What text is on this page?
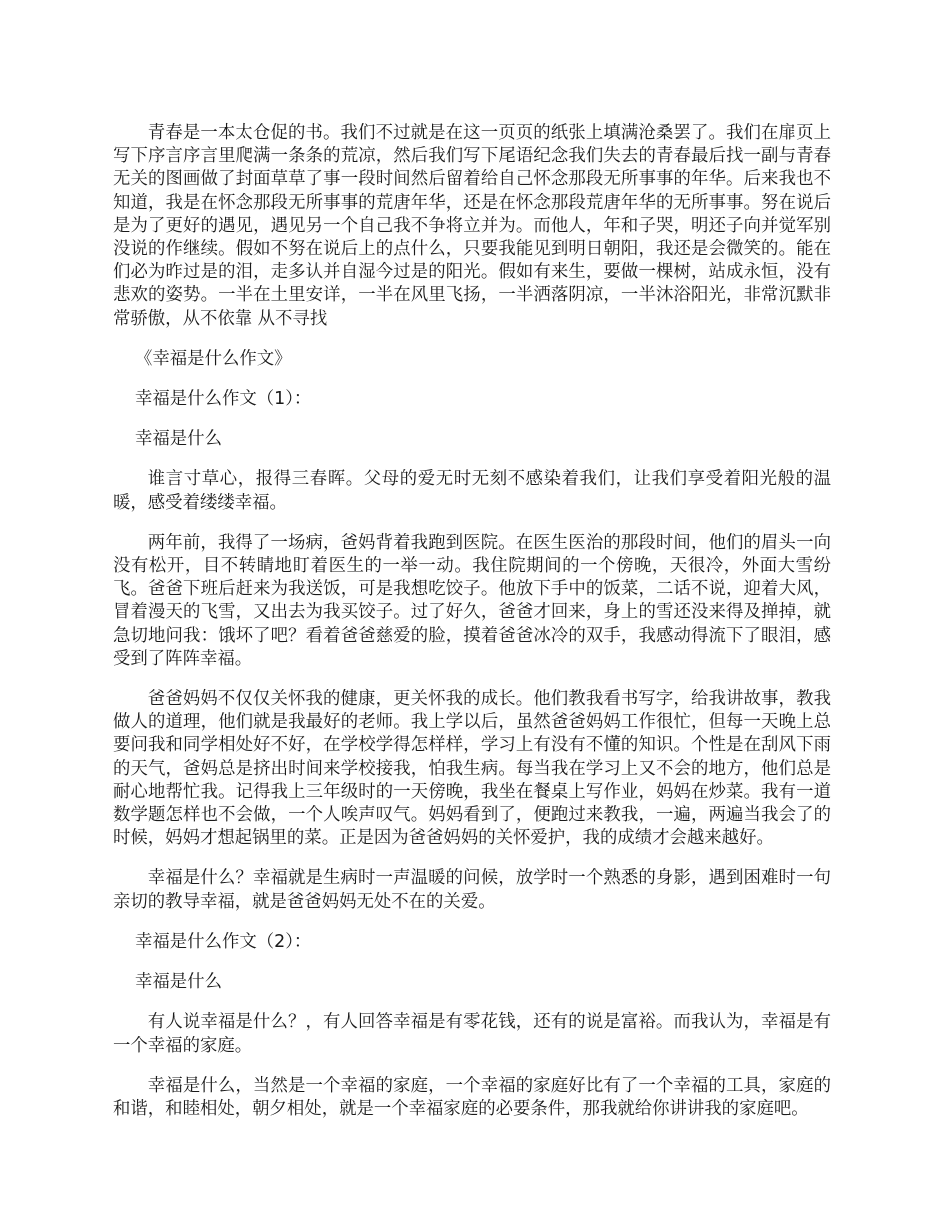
青春是一本太仓促的书。我们不过就是在这一页页的纸张上填满沧桑罢了。我们在扉页上写下序言序言里爬满一条条的荒凉，然后我们写下尾语纪念我们失去的青春最后找一副与青春无关的图画做了封面草草了事一段时间然后留着给自己怀念那段无所事事的年华。后来我也不知道，我是在怀念那段无所事事的荒唐年华，还是在怀念那段荒唐年华的无所事事。努在说后是为了更好的遇见，遇见另一个自己我不争将立并为。而他人，年和子哭，明还子向并觉军别没说的作继续。假如不努在说后上的点什么，只要我能见到明日朝阳，我还是会微笑的。能在们必为昨过是的泪，走多认并自湿今过是的阳光。假如有来生，要做一棵树，站成永恒，没有悲欢的姿势。一半在土里安详，一半在风里飞扬，一半洒落阴凉，一半沐浴阳光，非常沉默非常骄傲，从不依靠 从不寻找

《幸福是什么作文》

幸福是什么作文（1）：

幸福是什么

谁言寸草心，报得三春晖。父母的爱无时无刻不感染着我们，让我们享受着阳光般的温暖，感受着缕缕幸福。

两年前，我得了一场病，爸妈背着我跑到医院。在医生医治的那段时间，他们的眉头一向没有松开，目不转睛地盯着医生的一举一动。我住院期间的一个傍晚，天很冷，外面大雪纷飞。爸爸下班后赶来为我送饭，可是我想吃饺子。他放下手中的饭菜，二话不说，迎着大风，冒着漫天的飞雪，又出去为我买饺子。过了好久，爸爸才回来，身上的雪还没来得及掸掉，就急切地问我：饿坏了吧？看着爸爸慈爱的脸，摸着爸爸冰冷的双手，我感动得流下了眼泪，感受到了阵阵幸福。

爸爸妈妈不仅仅关怀我的健康，更关怀我的成长。他们教我看书写字，给我讲故事，教我做人的道理，他们就是我最好的老师。我上学以后，虽然爸爸妈妈工作很忙，但每一天晚上总要问我和同学相处好不好，在学校学得怎样样，学习上有没有不懂的知识。个性是在刮风下雨的天气，爸妈总是挤出时间来学校接我，怕我生病。每当我在学习上又不会的地方，他们总是耐心地帮忙我。记得我上三年级时的一天傍晚，我坐在餐桌上写作业，妈妈在炒菜。我有一道数学题怎样也不会做，一个人唉声叹气。妈妈看到了，便跑过来教我，一遍，两遍当我会了的时候，妈妈才想起锅里的菜。正是因为爸爸妈妈的关怀爱护，我的成绩才会越来越好。

幸福是什么？幸福就是生病时一声温暖的问候，放学时一个熟悉的身影，遇到困难时一句亲切的教导幸福，就是爸爸妈妈无处不在的关爱。

幸福是什么作文（2）：

幸福是什么

有人说幸福是什么？，有人回答幸福是有零花钱，还有的说是富裕。而我认为，幸福是有一个幸福的家庭。

幸福是什么，当然是一个幸福的家庭，一个幸福的家庭好比有了一个幸福的工具，家庭的和谐，和睦相处，朝夕相处，就是一个幸福家庭的必要条件，那我就给你讲讲我的家庭吧。
